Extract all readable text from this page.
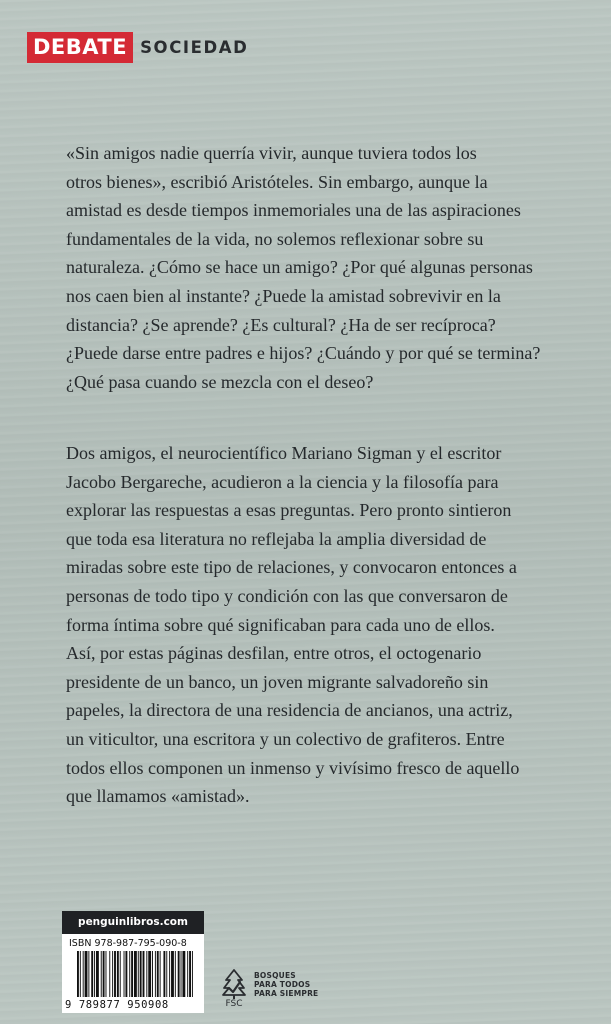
DEBATE SOCIEDAD

«Sin amigos nadie querría vivir, aunque tuviera todos los
otros bienes», escribió Aristóteles. Sin embargo, aunque la
amistad es desde tiempos inmemoriales una de las aspiraciones
fundamentales de la vida, no solemos reflexionar sobre su
naturaleza. ¿Cómo se hace un amigo? ¿Por qué algunas personas
nos caen bien al instante? ¿Puede la amistad sobrevivir en la
distancia? ¿Se aprende? ¿Es cultural? ¿Ha de ser recíproca?
¿Puede darse entre padres e hijos? ¿Cuándo y por qué se termina?
¿Qué pasa cuando se mezcla con el deseo?

Dos amigos, el neurocientífico Mariano Sigman y el escritor
Jacobo Bergareche, acudieron a la ciencia y la filosofía para
explorar las respuestas a esas preguntas. Pero pronto sintieron
que toda esa literatura no reflejaba la amplia diversidad de
miradas sobre este tipo de relaciones, y convocaron entonces a
personas de todo tipo y condición con las que conversaron de
forma íntima sobre qué significaban para cada uno de ellos.
Así, por estas páginas desfilan, entre otros, el octogenario
presidente de un banco, un joven migrante salvadoreño sin
papeles, la directora de una residencia de ancianos, una actriz,
un viticultor, una escritora y un colectivo de grafiteros. Entre
todos ellos componen un inmenso y vivísimo fresco de aquello
que llamamos «amistad».

penguinlibros.com
ISBN 978-987-795-090-8
9 789877 950908	FSC
BOSQUES
PARA TODOS
PARA SIEMPRE
